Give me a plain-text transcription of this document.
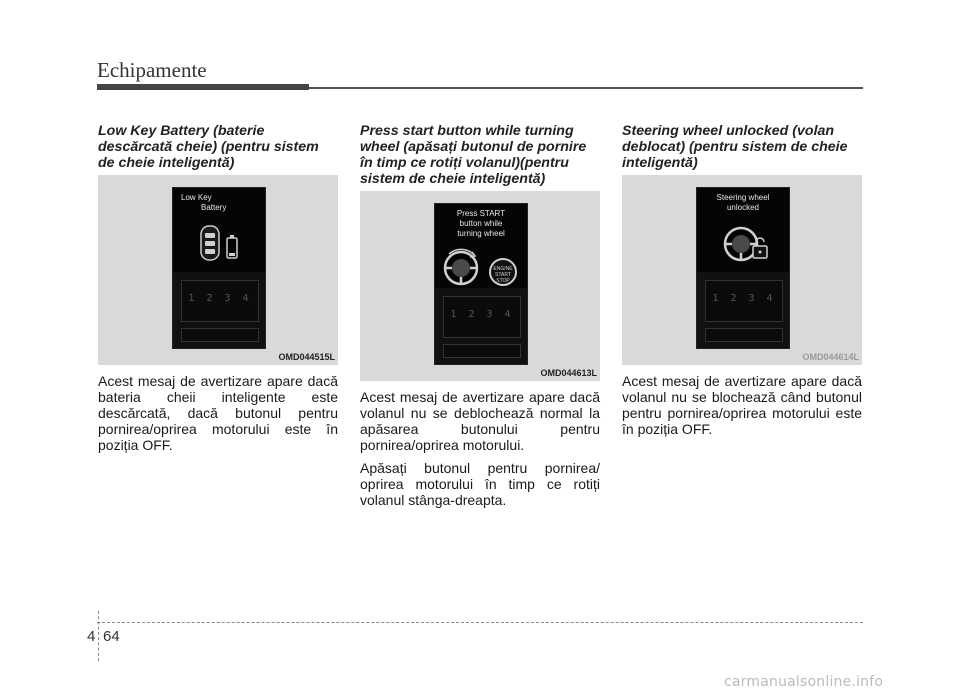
Echipamente

Low Key Battery (baterie descărcată cheie) (pentru sistem de cheie inteligentă)

Low Key
Battery
1 2 3 4
OMD044515L

Acest mesaj de avertizare apare dacă bateria cheii inteligente este descărcată, dacă butonul pentru pornirea/oprirea motorului este în poziția OFF.

Press start button while turning wheel (apăsați butonul de pornire în timp ce rotiți volanul)(pentru sistem de cheie inteligentă)

Press START
button while
turning wheel
ENGINE
START
STOP
1 2 3 4
OMD044613L

Acest mesaj de avertizare apare dacă volanul nu se deblochează normal la apăsarea butonului pentru pornirea/oprirea motorului.

Apăsați butonul pentru pornirea/ oprirea motorului în timp ce rotiți volanul stânga-dreapta.

Steering wheel unlocked (volan deblocat) (pentru sistem de cheie inteligentă)

Steering wheel
unlocked
1 2 3 4
OMD044614L

Acest mesaj de avertizare apare dacă volanul nu se blochează când butonul pentru pornirea/oprirea motorului este în poziția OFF.

4 64
carmanualsonline.info
